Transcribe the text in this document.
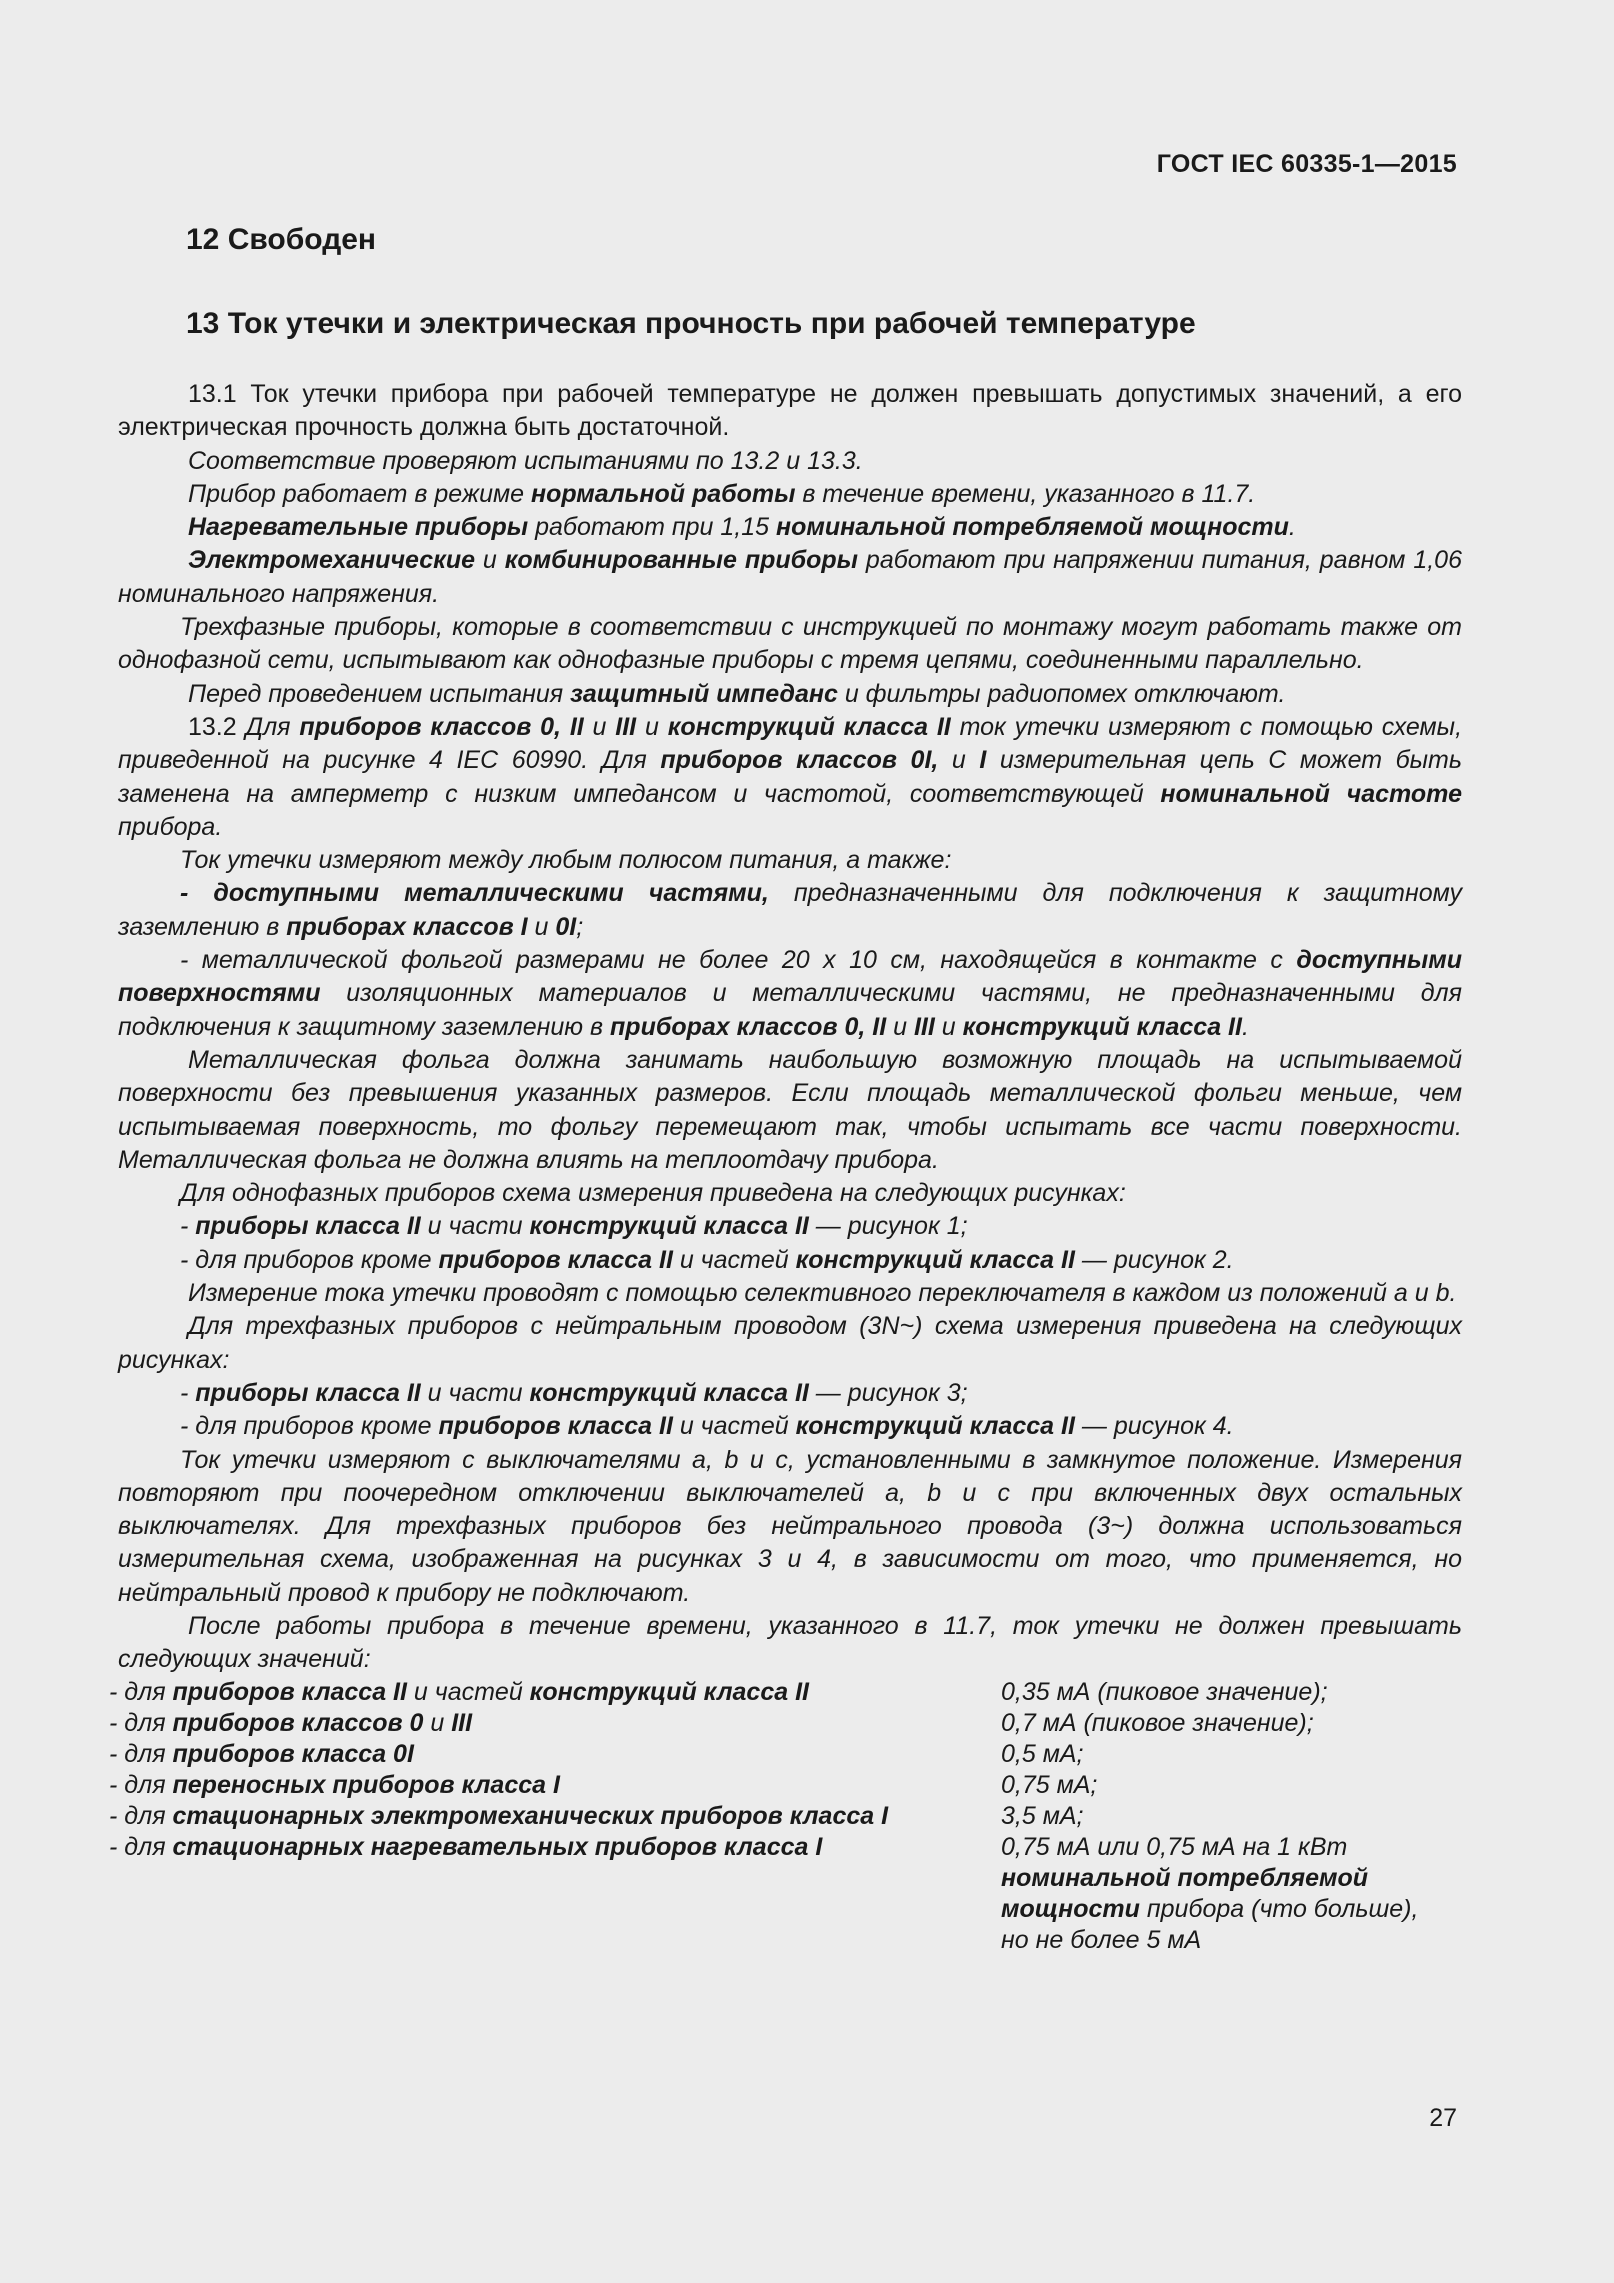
ГОСТ IEC 60335-1—2015
12 Свободен
13 Ток утечки и электрическая прочность при рабочей температуре

13.1 Ток утечки прибора при рабочей температуре не должен превышать допустимых значений, а его электрическая прочность должна быть достаточной.

Соответствие проверяют испытаниями по 13.2 и 13.3.

Прибор работает в режиме нормальной работы в течение времени, указанного в 11.7.

Нагревательные приборы работают при 1,15 номинальной потребляемой мощности.

Электромеханические и комбинированные приборы работают при напряжении питания, равном 1,06 номинального напряжения.

Трехфазные приборы, которые в соответствии с инструкцией по монтажу могут работать также от однофазной сети, испытывают как однофазные приборы с тремя цепями, соединенными параллельно.

Перед проведением испытания защитный импеданс и фильтры радиопомех отключают.

13.2 Для приборов классов 0, II и III и конструкций класса II ток утечки измеряют с помощью схемы, приведенной на рисунке 4 IEC 60990. Для приборов классов 0I, и I измерительная цепь С может быть заменена на амперметр с низким импедансом и частотой, соответствующей номинальной частоте прибора.

Ток утечки измеряют между любым полюсом питания, а также:

- доступными металлическими частями, предназначенными для подключения к защитному заземлению в приборах классов I и 0I;

- металлической фольгой размерами не более 20 x 10 см, находящейся в контакте с доступными поверхностями изоляционных материалов и металлическими частями, не предназначенными для подключения к защитному заземлению в приборах классов 0, II и III и конструкций класса II.

Металлическая фольга должна занимать наибольшую возможную площадь на испытываемой поверхности без превышения указанных размеров. Если площадь металлической фольги меньше, чем испытываемая поверхность, то фольгу перемещают так, чтобы испытать все части поверхности. Металлическая фольга не должна влиять на теплоотдачу прибора.

Для однофазных приборов схема измерения приведена на следующих рисунках:

- приборы класса II и части конструкций класса II — рисунок 1;

- для приборов кроме приборов класса II и частей конструкций класса II — рисунок 2.

Измерение тока утечки проводят с помощью селективного переключателя в каждом из положений a и b.

Для трехфазных приборов с нейтральным проводом (3N~) схема измерения приведена на следующих рисунках:

- приборы класса II и части конструкций класса II — рисунок 3;

- для приборов кроме приборов класса II и частей конструкций класса II — рисунок 4.

Ток утечки измеряют с выключателями a, b и c, установленными в замкнутое положение. Измерения повторяют при поочередном отключении выключателей a, b и c при включенных двух остальных выключателях. Для трехфазных приборов без нейтрального провода (3~) должна использоваться измерительная схема, изображенная на рисунках 3 и 4, в зависимости от того, что применяется, но нейтральный провод к прибору не подключают.

После работы прибора в течение времени, указанного в 11.7, ток утечки не должен превышать следующих значений:

- для приборов класса II и частей конструкций класса II	0,35 мА (пиковое значение);
- для приборов классов 0 и III	0,7 мА (пиковое значение);
- для приборов класса 0I	0,5 мА;
- для переносных приборов класса I	0,75 мА;
- для стационарных электромеханических приборов класса I	3,5 мА;
- для стационарных нагревательных приборов класса I	0,75 мА или 0,75 мА на 1 кВт
номинальной потребляемой мощности прибора (что больше), но не более 5 мА
27
